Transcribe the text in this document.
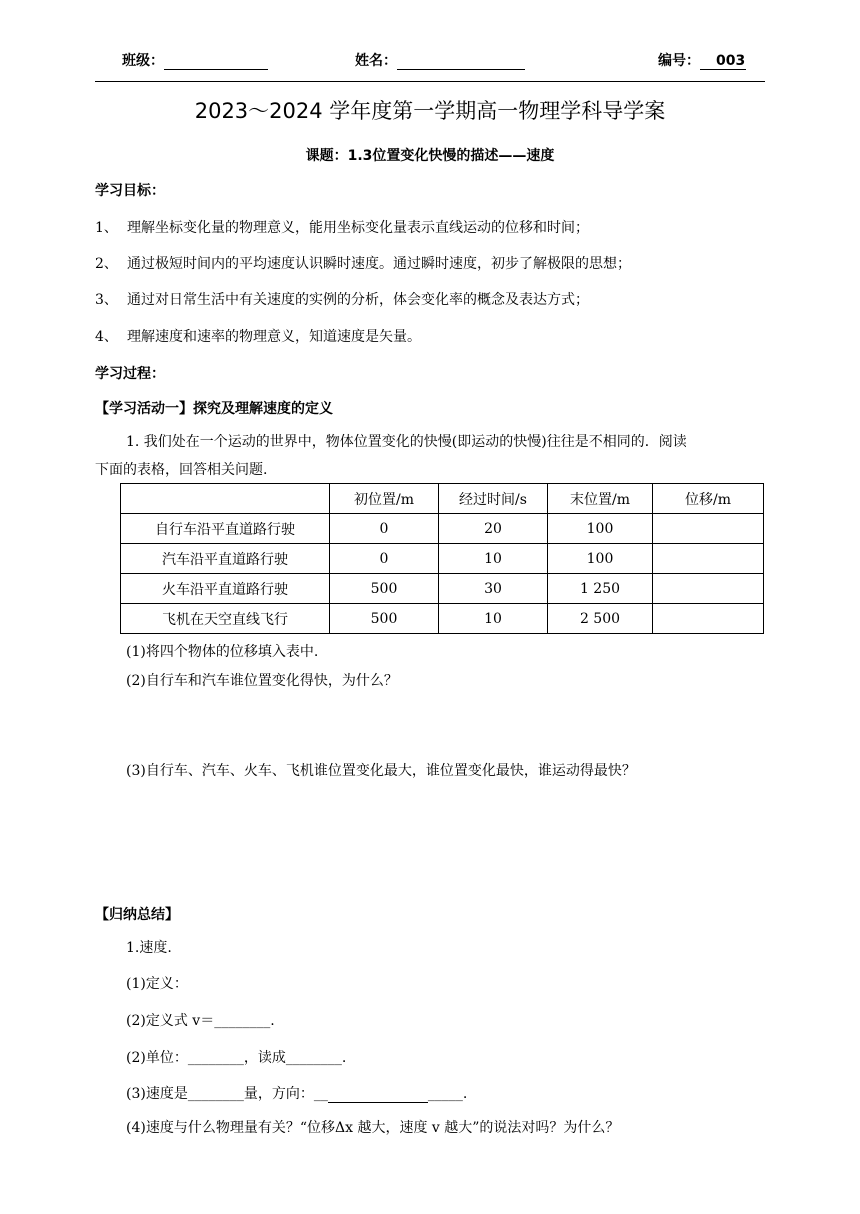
班级：	姓名：	编号： 003
2023～2024 学年度第一学期高一物理学科导学案
课题：1.3位置变化快慢的描述——速度
学习目标：
1、 理解坐标变化量的物理意义，能用坐标变化量表示直线运动的位移和时间；
2、 通过极短时间内的平均速度认识瞬时速度。通过瞬时速度，初步了解极限的思想；
3、 通过对日常生活中有关速度的实例的分析，体会变化率的概念及表达方式；
4、 理解速度和速率的物理意义，知道速度是矢量。
学习过程：
【学习活动一】探究及理解速度的定义
1. 我们处在一个运动的世界中，物体位置变化的快慢(即运动的快慢)往往是不相同的．阅读
下面的表格，回答相关问题.
	初位置/m	经过时间/s	末位置/m	位移/m
自行车沿平直道路行驶	0	20	100	
汽车沿平直道路行驶	0	10	100	
火车沿平直道路行驶	500	30	1 250	
飞机在天空直线飞行	500	10	2 500	
(1)将四个物体的位移填入表中.
(2)自行车和汽车谁位置变化得快，为什么？
(3)自行车、汽车、火车、飞机谁位置变化最大，谁位置变化最快，谁运动得最快？
【归纳总结】
1.速度.
(1)定义：
(2)定义式 v＝________.
(2)单位：________，读成________.
(3)速度是________量，方向：__	_____.
(4)速度与什么物理量有关？“位移Δx 越大，速度 v 越大”的说法对吗？为什么？
